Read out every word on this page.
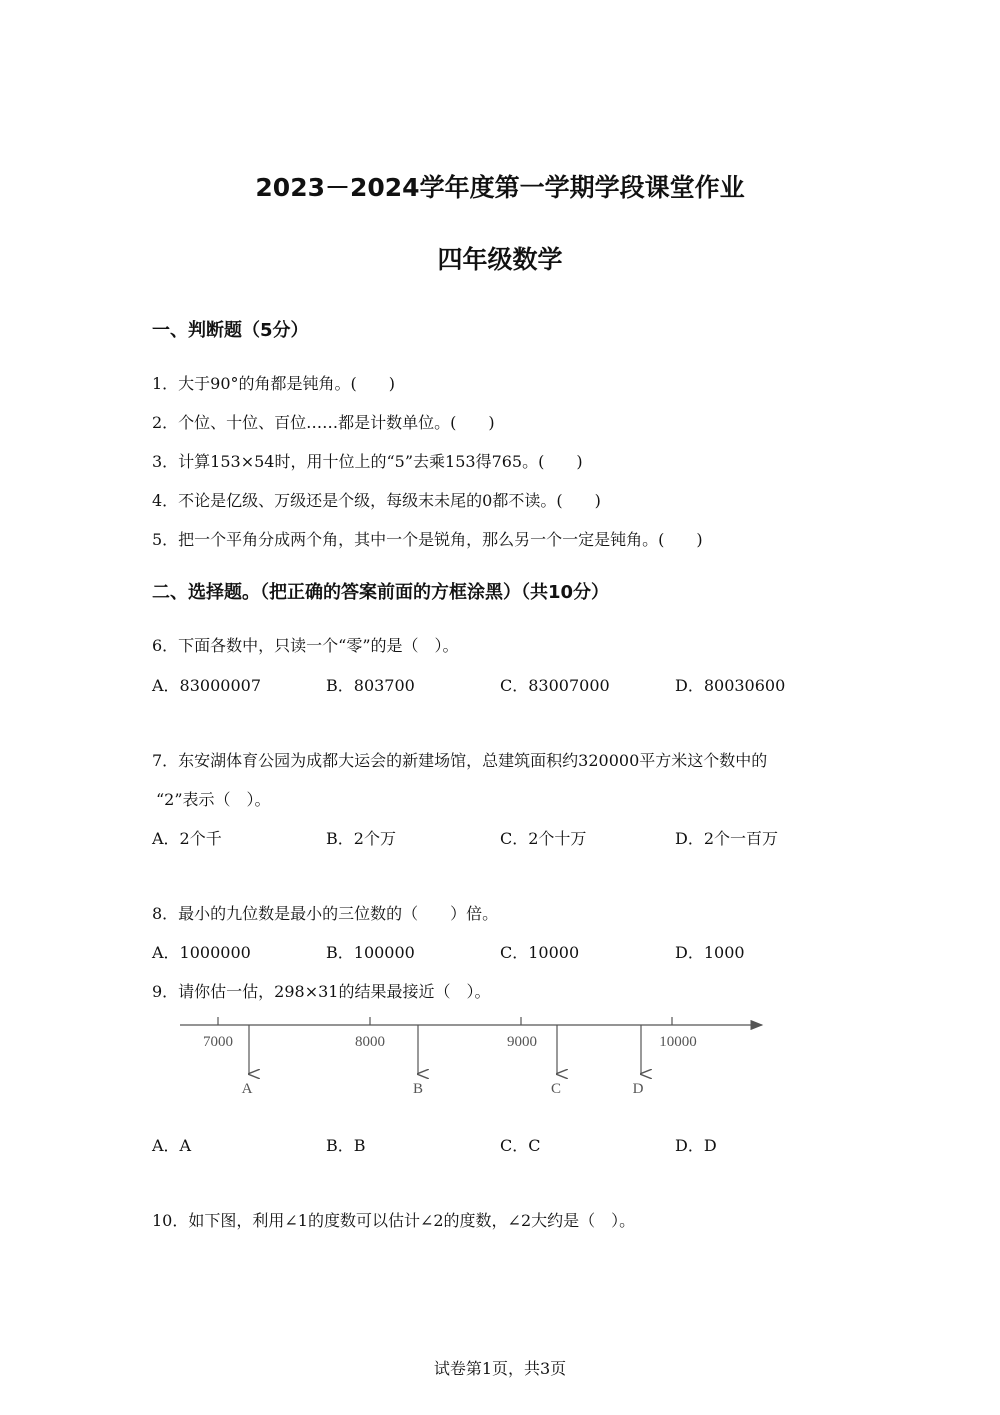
2023－2024学年度第一学期学段课堂作业
四年级数学
一、判断题（5分）
1．大于90°的角都是钝角。(　　)
2．个位、十位、百位……都是计数单位。(　　)
3．计算153×54时，用十位上的“5”去乘153得765。(　　)
4．不论是亿级、万级还是个级，每级末未尾的0都不读。(　　)
5．把一个平角分成两个角，其中一个是锐角，那么另一个一定是钝角。(　　)
二、选择题。（把正确的答案前面的方框涂黑）（共10分）
6．下面各数中，只读一个“零”的是（　）。
A．83000007	B．803700	C．83007000	D．80030600
7．东安湖体育公园为成都大运会的新建场馆，总建筑面积约320000平方米这个数中的
“2”表示（　）。
A．2个千	B．2个万	C．2个十万	D．2个一百万
8．最小的九位数是最小的三位数的（　　）倍。
A．1000000	B．100000	C．10000	D．1000
9．请你估一估，298×31的结果最接近（　）。
7000	8000	9000	10000
A	B	C	D
A．A	B．B	C．C	D．D
10．如下图，利用∠1的度数可以估计∠2的度数，∠2大约是（　）。
试卷第1页，共3页
